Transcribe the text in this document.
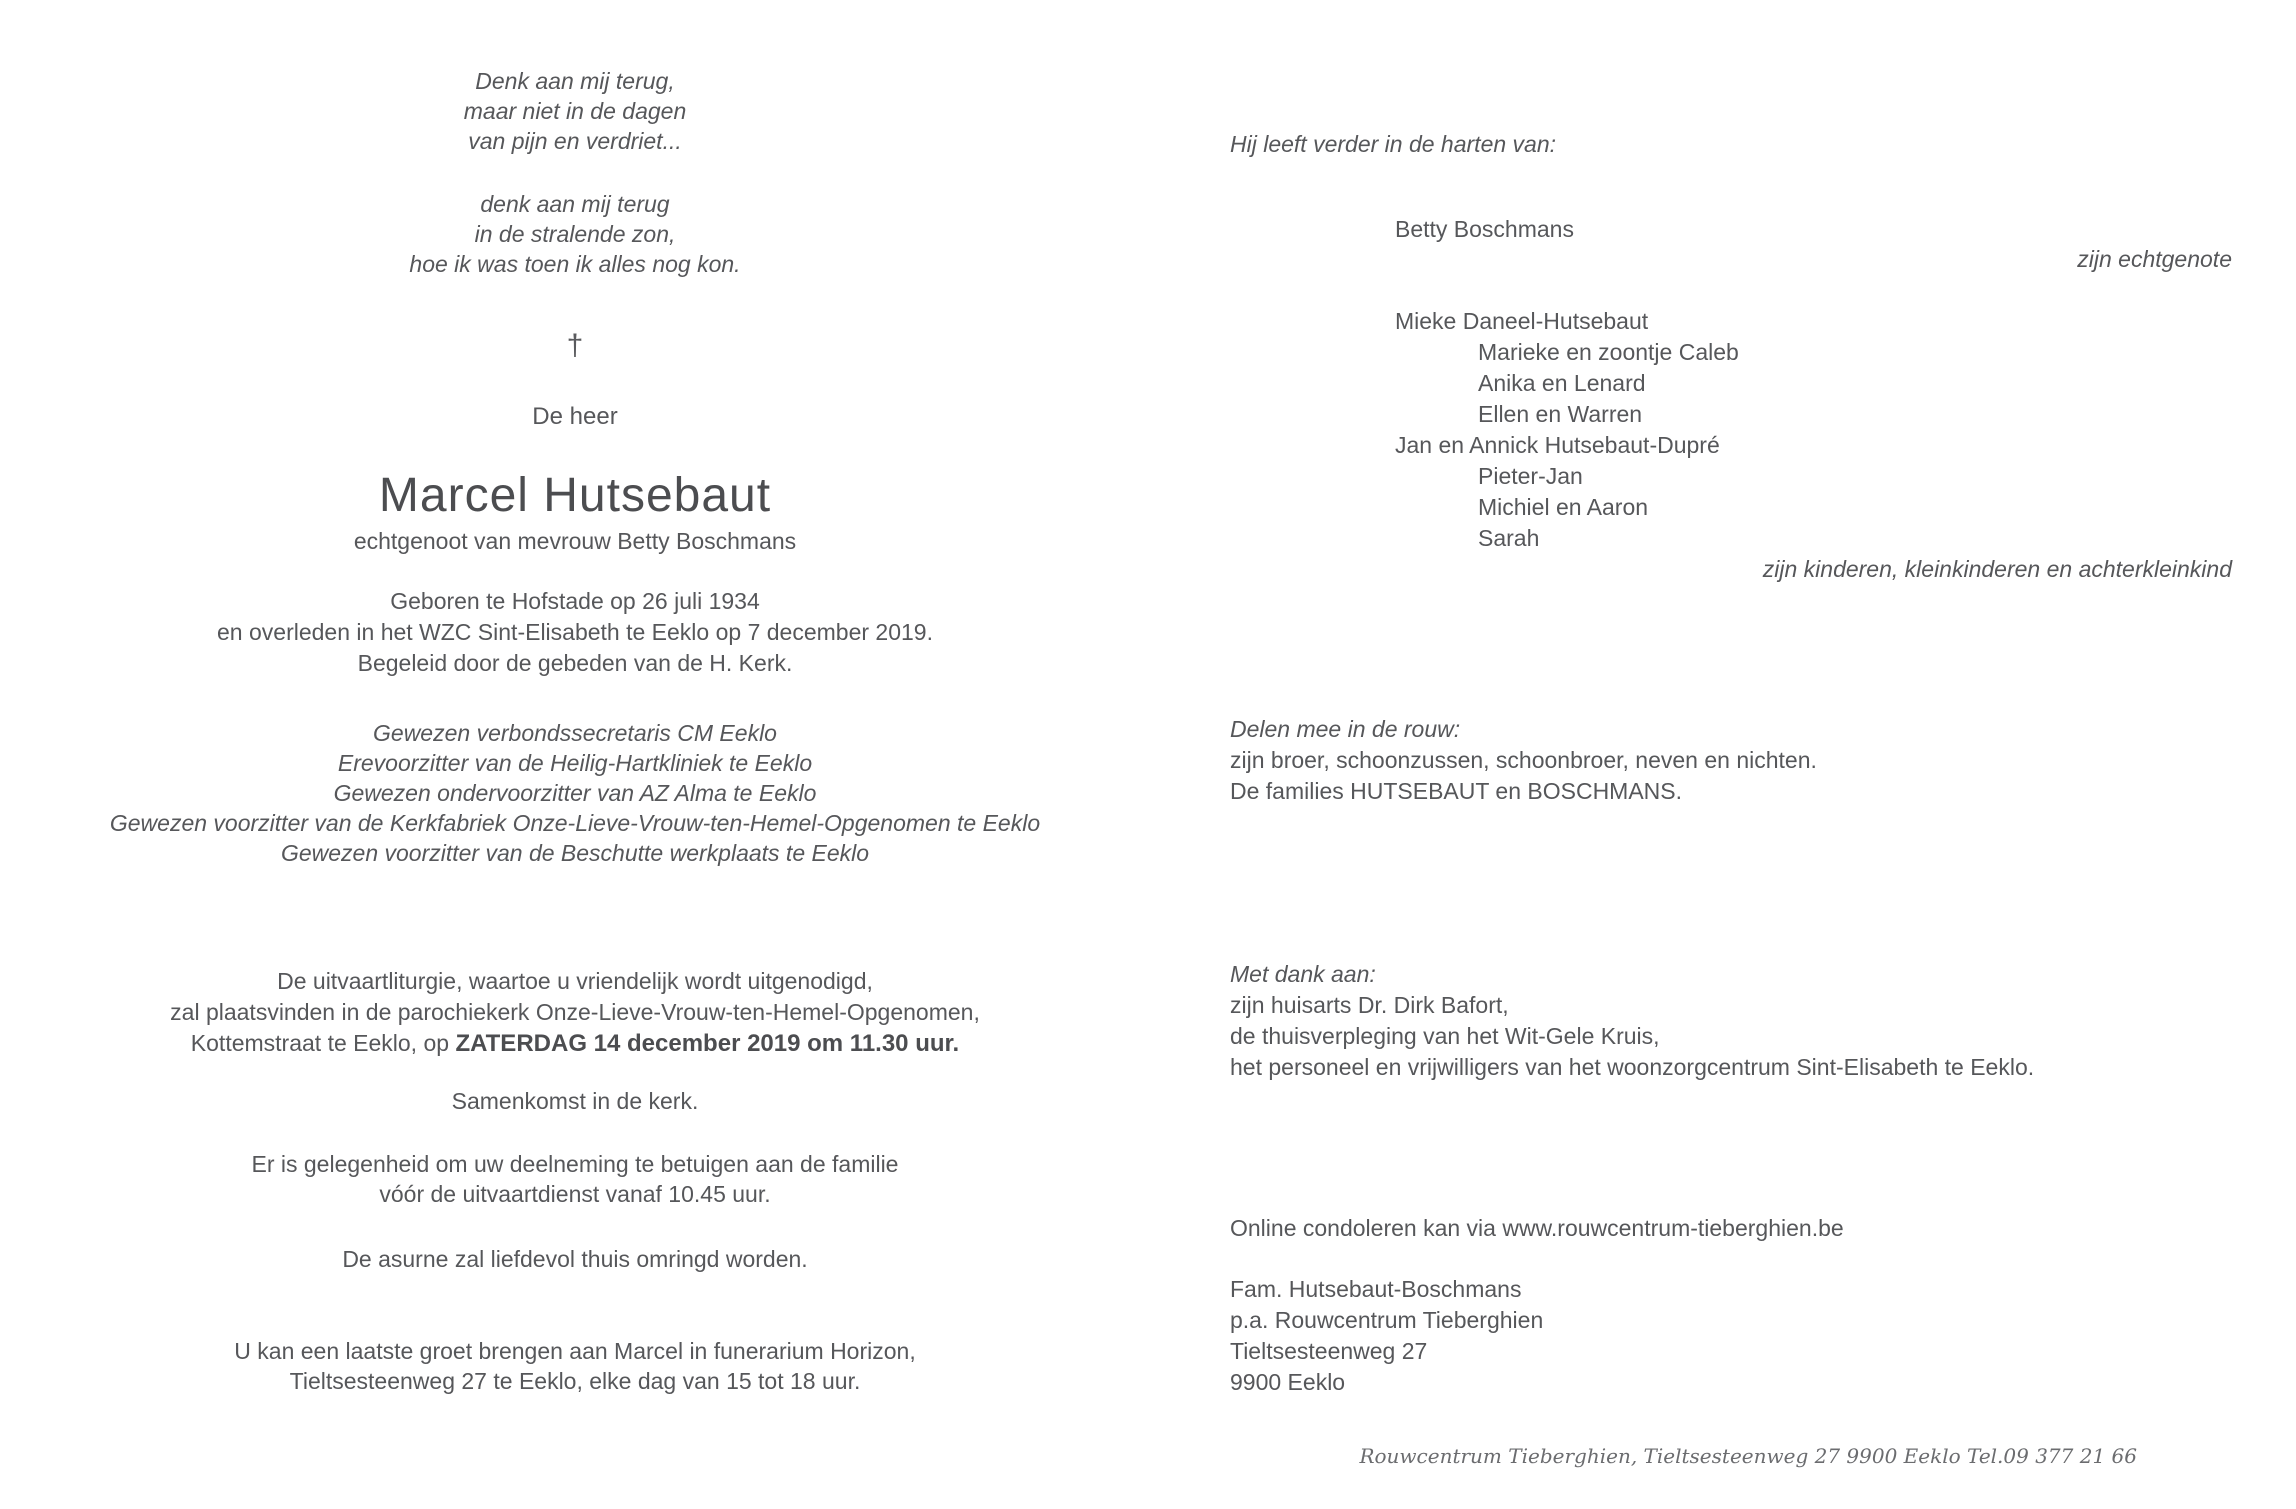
Denk aan mij terug,
maar niet in de dagen
van pijn en verdriet...
denk aan mij terug
in de stralende zon,
hoe ik was toen ik alles nog kon.
†
De heer
Marcel Hutsebaut
echtgenoot van mevrouw Betty Boschmans
Geboren te Hofstade op 26 juli 1934
en overleden in het WZC Sint-Elisabeth te Eeklo op 7 december 2019.
Begeleid door de gebeden van de H. Kerk.
Gewezen verbondssecretaris CM Eeklo
Erevoorzitter van de Heilig-Hartkliniek te Eeklo
Gewezen ondervoorzitter van AZ Alma te Eeklo
Gewezen voorzitter van de Kerkfabriek Onze-Lieve-Vrouw-ten-Hemel-Opgenomen te Eeklo
Gewezen voorzitter van de Beschutte werkplaats te Eeklo
De uitvaartliturgie, waartoe u vriendelijk wordt uitgenodigd,
zal plaatsvinden in de parochiekerk Onze-Lieve-Vrouw-ten-Hemel-Opgenomen,
Kottemstraat te Eeklo, op ZATERDAG 14 december 2019 om 11.30 uur.
Samenkomst in de kerk.
Er is gelegenheid om uw deelneming te betuigen aan de familie
vóór de uitvaartdienst vanaf 10.45 uur.
De asurne zal liefdevol thuis omringd worden.
U kan een laatste groet brengen aan Marcel in funerarium Horizon,
Tieltsesteenweg 27 te Eeklo, elke dag van 15 tot 18 uur.
Hij leeft verder in de harten van:
Betty Boschmans
zijn echtgenote
Mieke Daneel-Hutsebaut
Marieke en zoontje Caleb
Anika en Lenard
Ellen en Warren
Jan en Annick Hutsebaut-Dupré
Pieter-Jan
Michiel en Aaron
Sarah
zijn kinderen, kleinkinderen en achterkleinkind
Delen mee in de rouw:
zijn broer, schoonzussen, schoonbroer, neven en nichten.
De families HUTSEBAUT en BOSCHMANS.
Met dank aan:
zijn huisarts Dr. Dirk Bafort,
de thuisverpleging van het Wit-Gele Kruis,
het personeel en vrijwilligers van het woonzorgcentrum Sint-Elisabeth te Eeklo.
Online condoleren kan via www.rouwcentrum-tieberghien.be
Fam. Hutsebaut-Boschmans
p.a. Rouwcentrum Tieberghien
Tieltsesteenweg 27
9900 Eeklo
Rouwcentrum Tieberghien, Tieltsesteenweg 27 9900 Eeklo Tel.09 377 21 66
